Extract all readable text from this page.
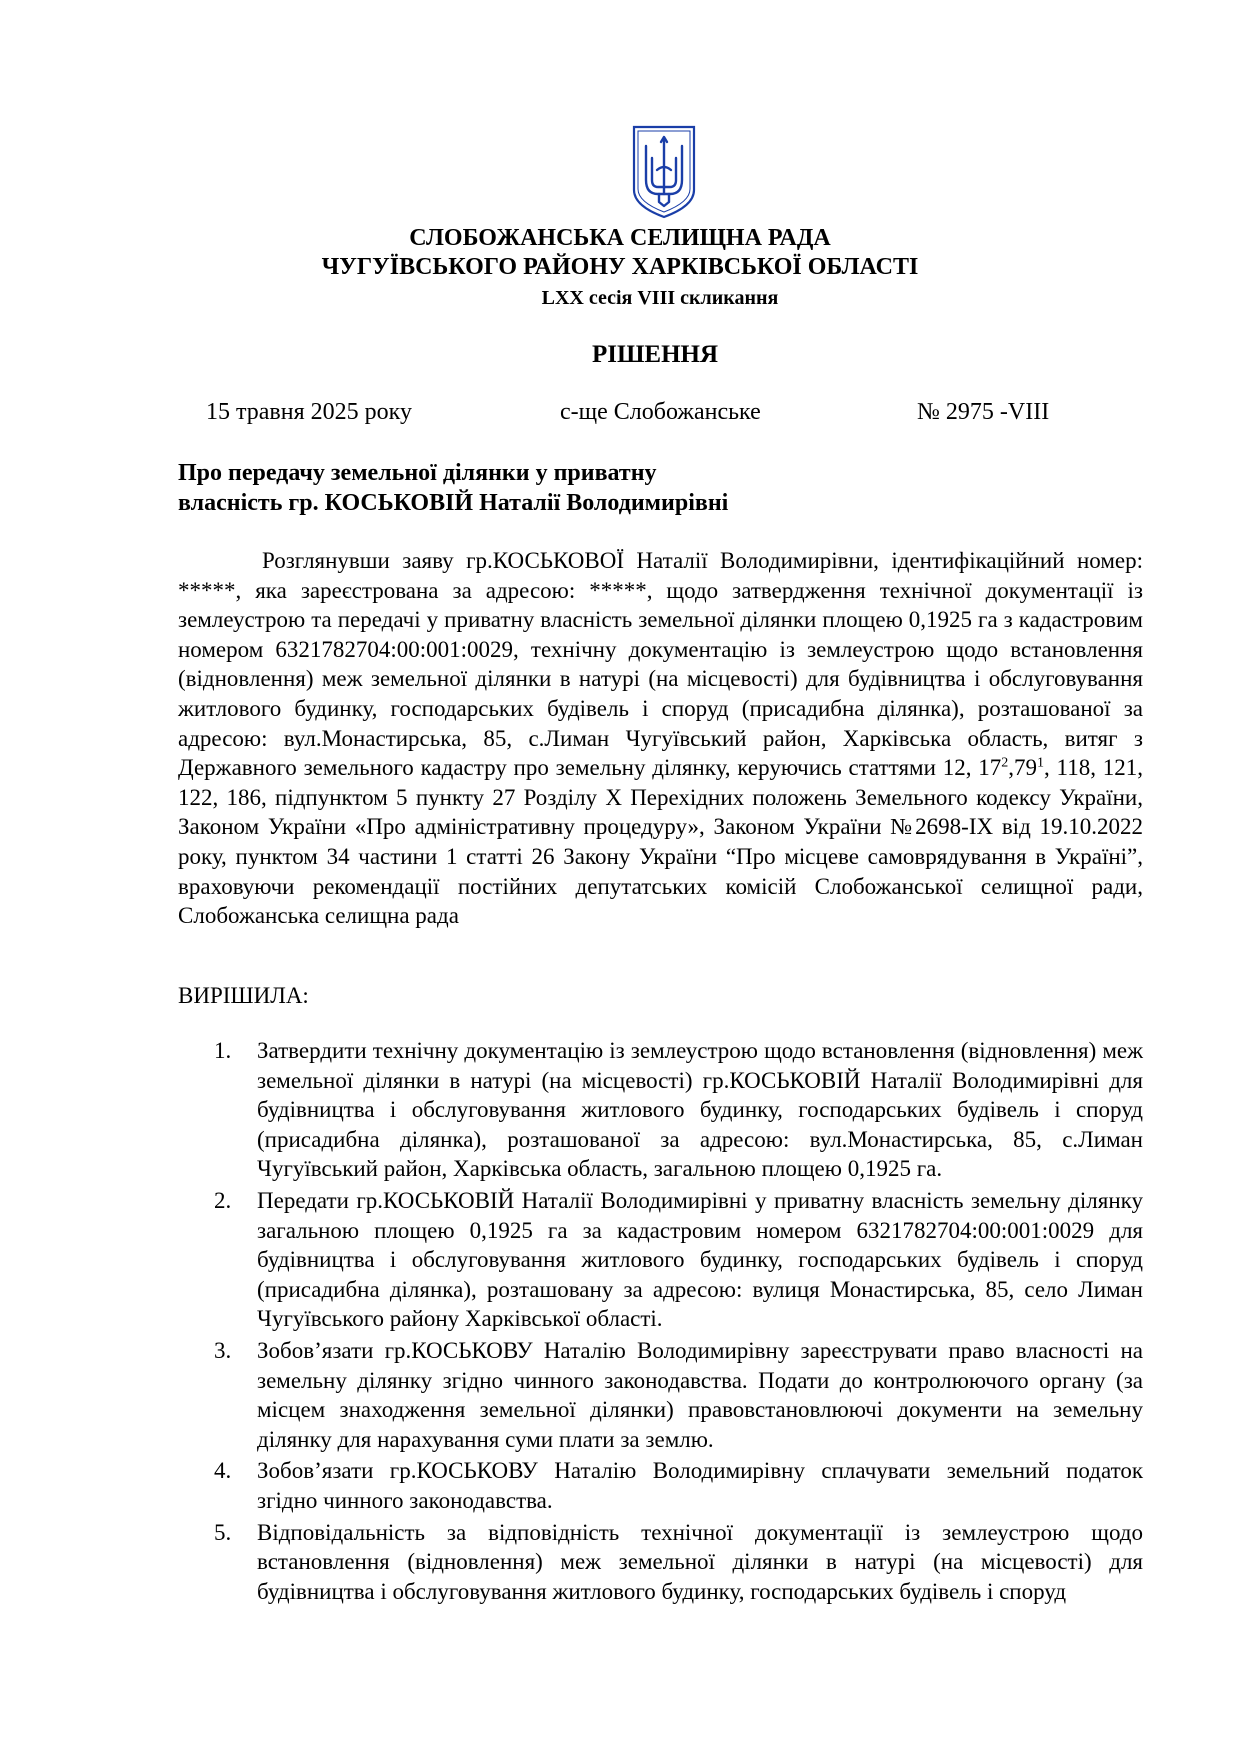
СЛОБОЖАНСЬКА СЕЛИЩНА РАДА
ЧУГУЇВСЬКОГО РАЙОНУ ХАРКІВСЬКОЇ ОБЛАСТІ
LXX сесія VIII скликання
РІШЕННЯ
15 травня 2025 року	с-ще Слобожанське	№ 2975 -VIII
Про передачу земельної ділянки у приватну
власність гр. КОСЬКОВІЙ Наталії Володимирівні
Розглянувши заяву гр.КОСЬКОВОЇ Наталії Володимирівни, ідентифікаційний номер: *****, яка зареєстрована за адресою: *****, щодо затвердження технічної документації із землеустрою та передачі у приватну власність земельної ділянки площею 0,1925 га з кадастровим номером 6321782704:00:001:0029, технічну документацію із землеустрою щодо встановлення (відновлення) меж земельної ділянки в натурі (на місцевості) для будівництва і обслуговування житлового будинку, господарських будівель і споруд (присадибна ділянка), розташованої за адресою: вул.Монастирська, 85, с.Лиман Чугуївський район, Харківська область, витяг з Державного земельного кадастру про земельну ділянку, керуючись статтями 12, $17^2,79^1$, 118, 121, 122, 186, підпунктом 5 пункту 27 Розділу Х Перехідних положень Земельного кодексу України, Законом України «Про адміністративну процедуру», Законом України №2698-ІХ від 19.10.2022 року, пунктом 34 частини 1 статті 26 Закону України “Про місцеве самоврядування в Україні”, враховуючи рекомендації постійних депутатських комісій Слобожанської селищної ради, Слобожанська селищна рада
ВИРІШИЛА:
1.	Затвердити технічну документацію із землеустрою щодо встановлення (відновлення) меж земельної ділянки в натурі (на місцевості) гр.КОСЬКОВІЙ Наталії Володимирівні для будівництва і обслуговування житлового будинку, господарських будівель і споруд (присадибна ділянка), розташованої за адресою: вул.Монастирська, 85, с.Лиман Чугуївський район, Харківська область, загальною площею 0,1925 га.
2.	Передати гр.КОСЬКОВІЙ Наталії Володимирівні у приватну власність земельну ділянку загальною площею 0,1925 га за кадастровим номером 6321782704:00:001:0029 для будівництва і обслуговування житлового будинку, господарських будівель і споруд (присадибна ділянка), розташовану за адресою: вулиця Монастирська, 85, село Лиман Чугуївського району Харківської області.
3.	Зобов’язати гр.КОСЬКОВУ Наталію Володимирівну зареєструвати право власності на земельну ділянку згідно чинного законодавства. Подати до контролюючого органу (за місцем знаходження земельної ділянки) правовстановлюючі документи на земельну ділянку для нарахування суми плати за землю.
4.	Зобов’язати гр.КОСЬКОВУ Наталію Володимирівну сплачувати земельний податок згідно чинного законодавства.
5.	Відповідальність за відповідність технічної документації із землеустрою щодо встановлення (відновлення) меж земельної ділянки в натурі (на місцевості) для будівництва і обслуговування житлового будинку, господарських будівель і споруд
